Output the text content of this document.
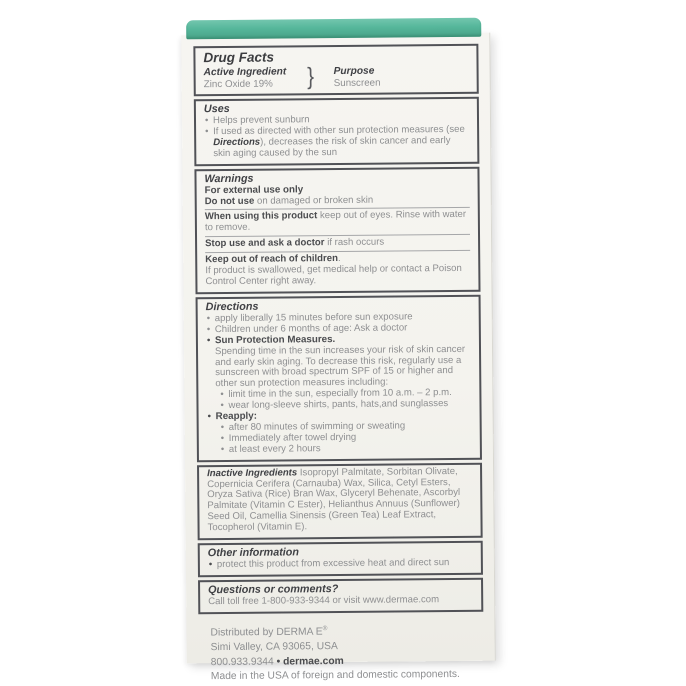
Drug Facts
Active Ingredient
Zinc Oxide 19%	}	Purpose
Sunscreen
Uses
• Helps prevent sunburn
• If used as directed with other sun protection measures (see Directions), decreases the risk of skin cancer and early skin aging caused by the sun
Warnings
For external use only
Do not use on damaged or broken skin
When using this product keep out of eyes. Rinse with water to remove.
Stop use and ask a doctor if rash occurs
Keep out of reach of children.
If product is swallowed, get medical help or contact a Poison Control Center right away.
Directions
• apply liberally 15 minutes before sun exposure
• Children under 6 months of age: Ask a doctor
• Sun Protection Measures.
Spending time in the sun increases your risk of skin cancer and early skin aging. To decrease this risk, regularly use a sunscreen with broad spectrum SPF of 15 or higher and other sun protection measures including:
• limit time in the sun, especially from 10 a.m. – 2 p.m.
• wear long-sleeve shirts, pants, hats,and sunglasses
• Reapply:
• after 80 minutes of swimming or sweating
• Immediately after towel drying
• at least every 2 hours
Inactive Ingredients Isopropyl Palmitate, Sorbitan Olivate, Copernicia Cerifera (Carnauba) Wax, Silica, Cetyl Esters, Oryza Sativa (Rice) Bran Wax, Glyceryl Behenate, Ascorbyl Palmitate (Vitamin C Ester), Helianthus Annuus (Sunflower) Seed Oil, Camellia Sinensis (Green Tea) Leaf Extract, Tocopherol (Vitamin E).
Other information
• protect this product from excessive heat and direct sun
Questions or comments?
Call toll free 1-800-933-9344 or visit www.dermae.com
Distributed by DERMA E®
Simi Valley, CA 93065, USA
800.933.9344 • dermae.com
Made in the USA of foreign and domestic components.
